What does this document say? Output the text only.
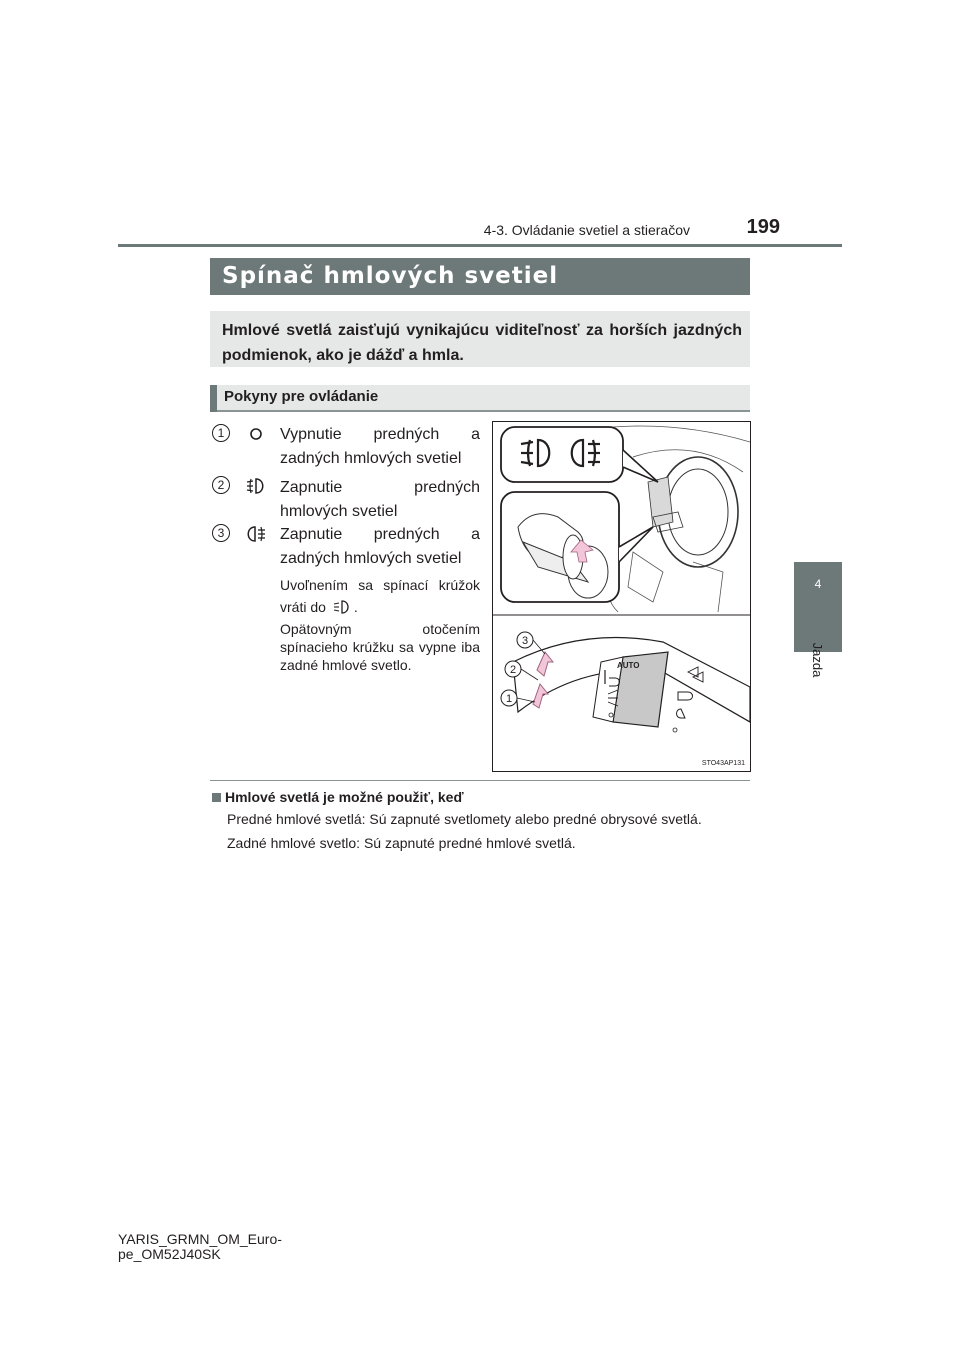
4-3. Ovládanie svetiel a stieračov	199
4
Jazda
Spínač hmlových svetiel
Hmlové svetlá zaisťujú vynikajúcu viditeľnosť za horších jazdných podmienok, ako je dážď a hmla.
Pokyny pre ovládanie
1	Vypnutie predných a zadných hmlových svetiel
2	Zapnutie predných hmlových svetiel
3	Zapnutie predných a zadných hmlových svetiel
Uvoľnením sa spínací krúžok vráti do .
Opätovným otočením spínacieho krúžku sa vypne iba zadné hmlové svetlo.	AUTO
3
2
1
STO43AP131
Hmlové svetlá je možné použiť, keď
Predné hmlové svetlá: Sú zapnuté svetlomety alebo predné obrysové svetlá.
Zadné hmlové svetlo: Sú zapnuté predné hmlové svetlá.
YARIS_GRMN_OM_Euro-
pe_OM52J40SK
